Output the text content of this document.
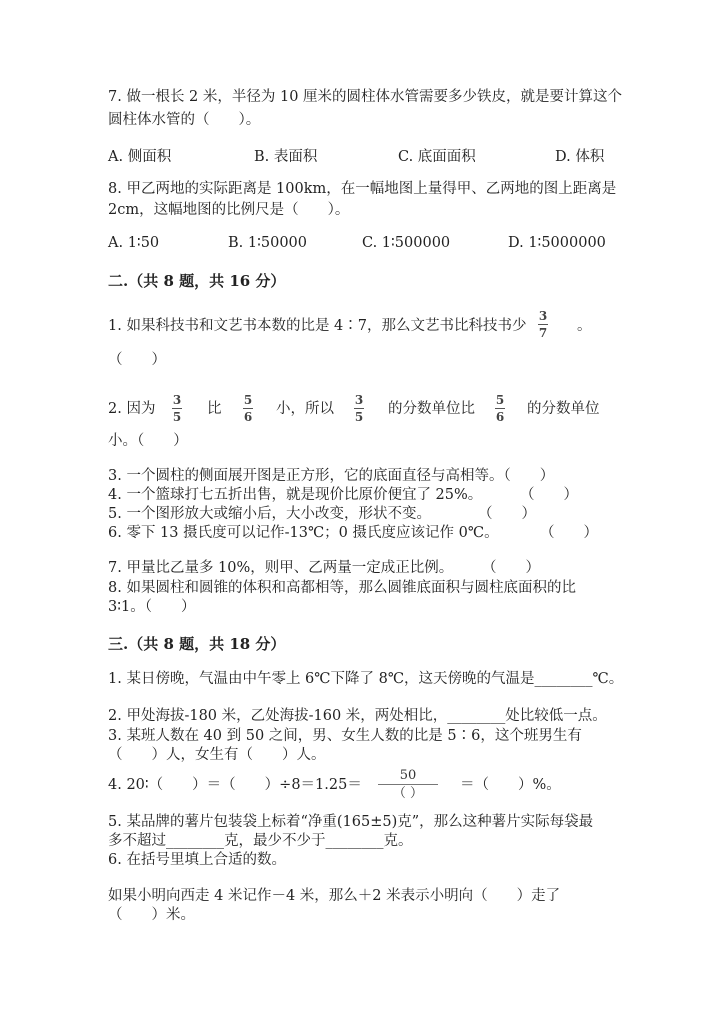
7. 做一根长 2 米，半径为 10 厘米的圆柱体水管需要多少铁皮，就是要计算这个
圆柱体水管的（　　）。
A. 侧面积	B. 表面积	C. 底面面积	D. 体积
8. 甲乙两地的实际距离是 100km，在一幅地图上量得甲、乙两地的图上距离是
2cm，这幅地图的比例尺是（　　）。
A. 1∶50	B. 1∶50000	C. 1∶500000	D. 1∶5000000
二.（共 8 题，共 16 分）
1. 如果科技书和文艺书本数的比是 4∶7，那么文艺书比科技书少
3
7 。
（　　）
2. 因为
3
5 比
5
6 小，所以
3
5 的分数单位比
5
6 的分数单位
小。（　　）
3. 一个圆柱的侧面展开图是正方形，它的底面直径与高相等。（　　）
4. 一个篮球打七五折出售，就是现价比原价便宜了 25%。	（　　）
5. 一个图形放大或缩小后，大小改变，形状不变。	（　　）
6. 零下 13 摄氏度可以记作-13℃；0 摄氏度应该记作 0℃。	（　　）
7. 甲量比乙量多 10%，则甲、乙两量一定成正比例。 （　　）
8. 如果圆柱和圆锥的体积和高都相等，那么圆锥底面积与圆柱底面积的比
3∶1。（　　）
三.（共 8 题，共 18 分）
1. 某日傍晚，气温由中午零上 6℃下降了 8℃，这天傍晚的气温是________℃。
2. 甲处海拔-180 米，乙处海拔-160 米，两处相比，________处比较低一点。
3. 某班人数在 40 到 50 之间，男、女生人数的比是 5∶6，这个班男生有
（　　）人，女生有（　　）人。
4. 20∶（　　）＝（　　）÷8＝1.25＝
50
（ ）
＝（　　）%。
5. 某品牌的薯片包装袋上标着“净重(165±5)克”，那么这种薯片实际每袋最
多不超过________克，最少不少于________克。
6. 在括号里填上合适的数。
如果小明向西走 4 米记作－4 米，那么＋2 米表示小明向（　　）走了
（　　）米。
